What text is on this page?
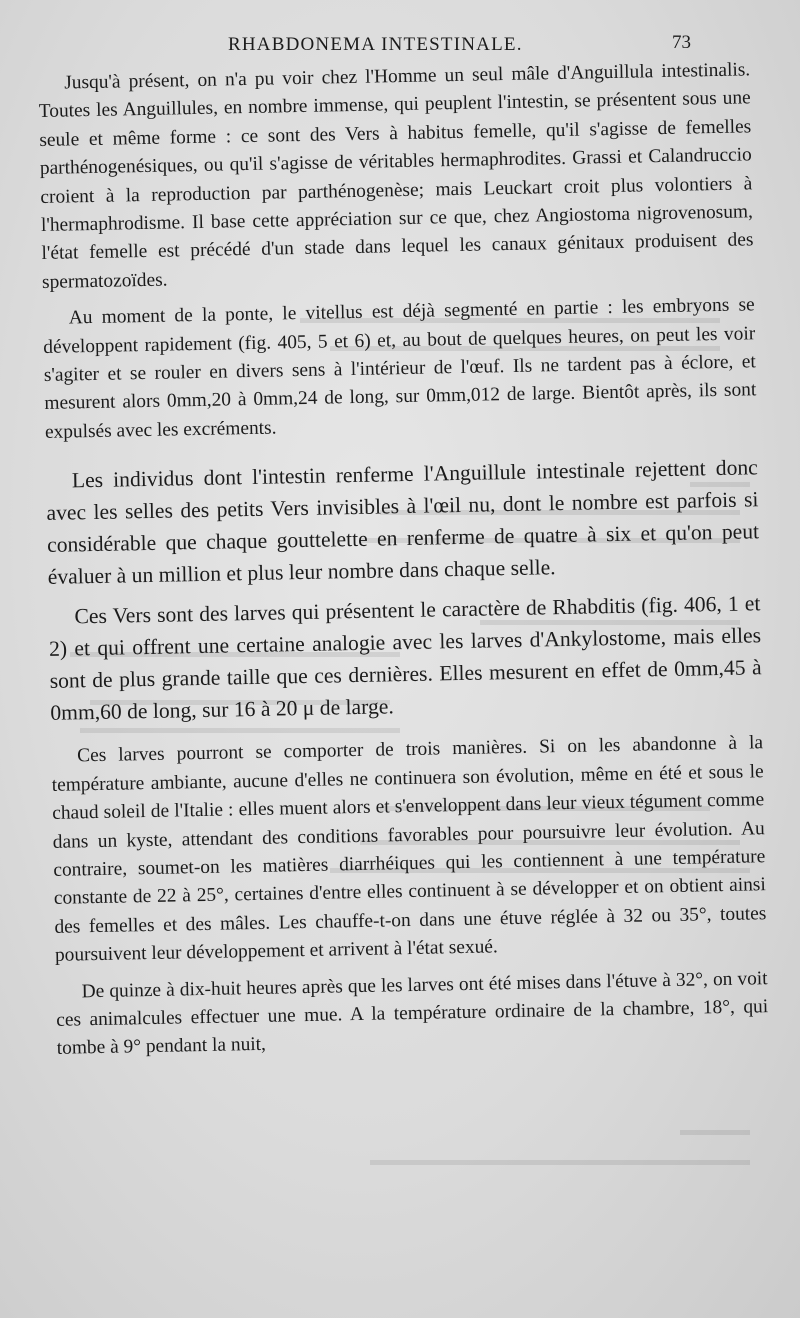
RHABDONEMA INTESTINALE.	73

Jusqu'à présent, on n'a pu voir chez l'Homme un seul mâle d'Anguillula intestinalis. Toutes les Anguillules, en nombre immense, qui peuplent l'intestin, se présentent sous une seule et même forme : ce sont des Vers à habitus femelle, qu'il s'agisse de femelles parthénogenésiques, ou qu'il s'agisse de véritables hermaphrodites. Grassi et Calandruccio croient à la reproduction par parthénogenèse; mais Leuckart croit plus volontiers à l'hermaphrodisme. Il base cette appréciation sur ce que, chez Angiostoma nigrovenosum, l'état femelle est précédé d'un stade dans lequel les canaux génitaux produisent des spermatozoïdes.

Au moment de la ponte, le vitellus est déjà segmenté en partie : les embryons se développent rapidement (fig. 405, 5 et 6) et, au bout de quelques heures, on peut les voir s'agiter et se rouler en divers sens à l'intérieur de l'œuf. Ils ne tardent pas à éclore, et mesurent alors 0mm,20 à 0mm,24 de long, sur 0mm,012 de large. Bientôt après, ils sont expulsés avec les excréments.

Les individus dont l'intestin renferme l'Anguillule intestinale rejettent donc avec les selles des petits Vers invisibles à l'œil nu, dont le nombre est parfois si considérable que chaque gouttelette en renferme de quatre à six et qu'on peut évaluer à un million et plus leur nombre dans chaque selle.

Ces Vers sont des larves qui présentent le caractère de Rhabditis (fig. 406, 1 et 2) et qui offrent une certaine analogie avec les larves d'Ankylostome, mais elles sont de plus grande taille que ces dernières. Elles mesurent en effet de 0mm,45 à 0mm,60 de long, sur 16 à 20 μ de large.

Ces larves pourront se comporter de trois manières. Si on les abandonne à la température ambiante, aucune d'elles ne continuera son évolution, même en été et sous le chaud soleil de l'Italie : elles muent alors et s'enveloppent dans leur vieux tégument comme dans un kyste, attendant des conditions favorables pour poursuivre leur évolution. Au contraire, soumet-on les matières diarrhéiques qui les contiennent à une température constante de 22 à 25°, certaines d'entre elles continuent à se développer et on obtient ainsi des femelles et des mâles. Les chauffe-t-on dans une étuve réglée à 32 ou 35°, toutes poursuivent leur développement et arrivent à l'état sexué.

De quinze à dix-huit heures après que les larves ont été mises dans l'étuve à 32°, on voit ces animalcules effectuer une mue. A la température ordinaire de la chambre, 18°, qui tombe à 9° pendant la nuit,
